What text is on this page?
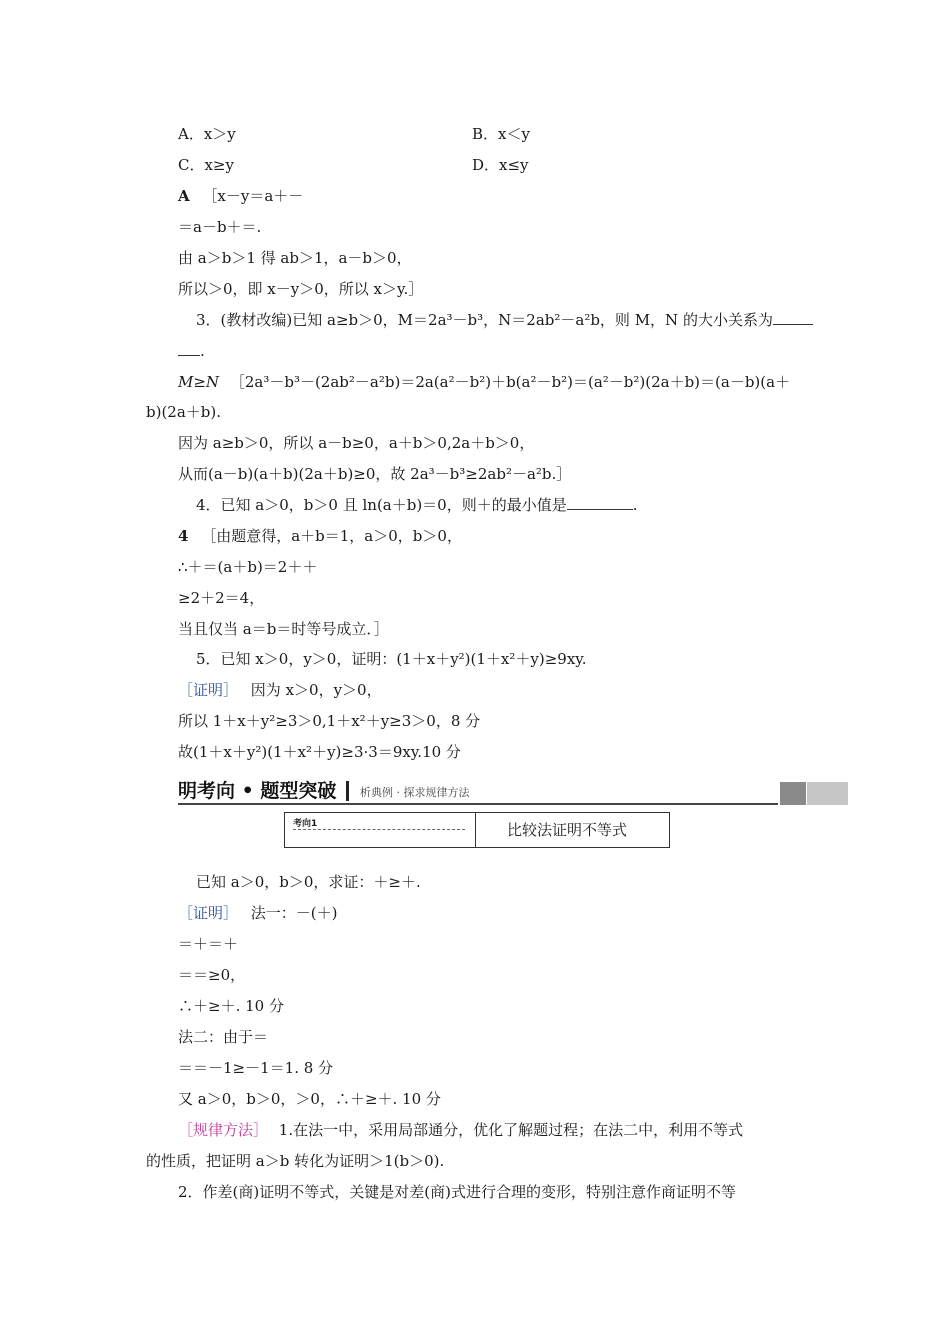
A．x＞y	B．x＜y
C．x≥y	D．x≤y
A ［x－y＝a＋－
＝a－b＋＝.
由 a＞b＞1 得 ab＞1，a－b＞0，
所以＞0，即 x－y＞0，所以 x＞y.］
3．(教材改编)已知 a≥b＞0，M＝2a³－b³，N＝2ab²－a²b，则 M，N 的大小关系为
.
M≥N ［2a³－b³－(2ab²－a²b)＝2a(a²－b²)＋b(a²－b²)＝(a²－b²)(2a＋b)＝(a－b)(a＋
b)(2a＋b).
因为 a≥b＞0，所以 a－b≥0，a＋b＞0,2a＋b＞0，
从而(a－b)(a＋b)(2a＋b)≥0，故 2a³－b³≥2ab²－a²b.］
4．已知 a＞0，b＞0 且 ln(a＋b)＝0，则＋的最小值是	.
4 ［由题意得，a＋b＝1，a＞0，b＞0，
∴＋＝(a＋b)＝2＋＋
≥2＋2＝4，
当且仅当 a＝b＝时等号成立．］
5．已知 x＞0，y＞0，证明：(1＋x＋y²)(1＋x²＋y)≥9xy.
［证明］ 因为 x＞0，y＞0，
所以 1＋x＋y²≥3＞0,1＋x²＋y≥3＞0，8 分
故(1＋x＋y²)(1＋x²＋y)≥3·3＝9xy.10 分
明考向 • 题型突破 析典例 · 探求规律方法
考向1	比较法证明不等式
已知 a＞0，b＞0，求证：＋≥＋.
［证明］ 法一：－(＋)
＝＋＝＋
＝＝≥0，
∴＋≥＋. 10 分
法二：由于＝
＝＝－1≥－1＝1. 8 分
又 a＞0，b＞0，＞0，∴＋≥＋. 10 分
［规律方法］ 1.在法一中，采用局部通分，优化了解题过程；在法二中，利用不等式
的性质，把证明 a＞b 转化为证明＞1(b＞0).
2．作差(商)证明不等式，关键是对差(商)式进行合理的变形，特别注意作商证明不等
